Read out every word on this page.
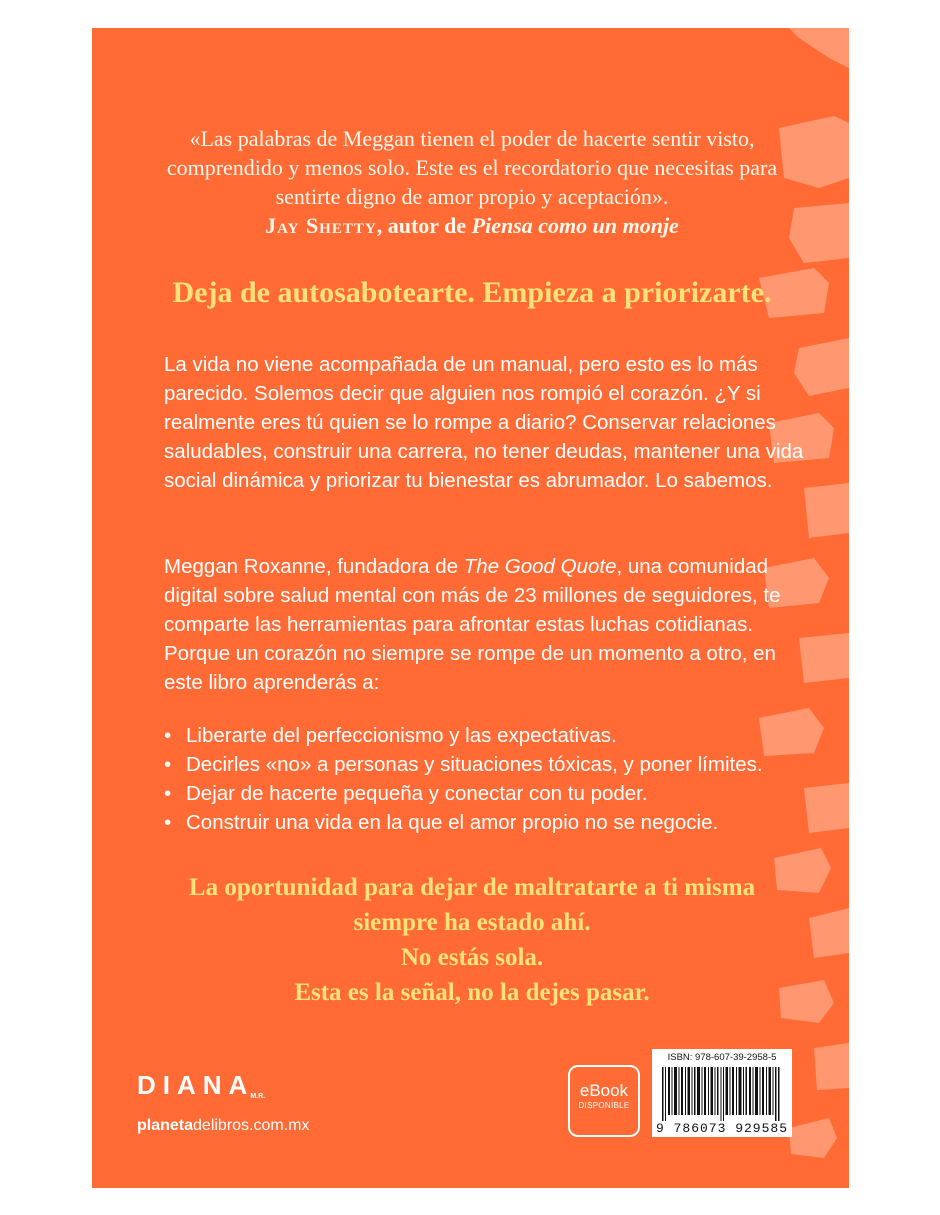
«Las palabras de Meggan tienen el poder de hacerte sentir visto, comprendido y menos solo. Este es el recordatorio que necesitas para sentirte digno de amor propio y aceptación».
Jay Shetty, autor de Piensa como un monje
Deja de autosabotearte. Empieza a priorizarte.
La vida no viene acompañada de un manual, pero esto es lo más parecido. Solemos decir que alguien nos rompió el corazón. ¿Y si realmente eres tú quien se lo rompe a diario? Conservar relaciones saludables, construir una carrera, no tener deudas, mantener una vida social dinámica y priorizar tu bienestar es abrumador. Lo sabemos.
Meggan Roxanne, fundadora de The Good Quote, una comunidad digital sobre salud mental con más de 23 millones de seguidores, te comparte las herramientas para afrontar estas luchas cotidianas. Porque un corazón no siempre se rompe de un momento a otro, en este libro aprenderás a:
• Liberarte del perfeccionismo y las expectativas.
• Decirles «no» a personas y situaciones tóxicas, y poner límites.
• Dejar de hacerte pequeña y conectar con tu poder.
• Construir una vida en la que el amor propio no se negocie.
La oportunidad para dejar de maltratarte a ti misma
siempre ha estado ahí.
No estás sola.
Esta es la señal, no la dejes pasar.
$DIANA^{M.R.}$
planetadelibros.com.mx
eBook
DISPONIBLE
ISBN: 978-607-39-2958-5
9 786073 929585
